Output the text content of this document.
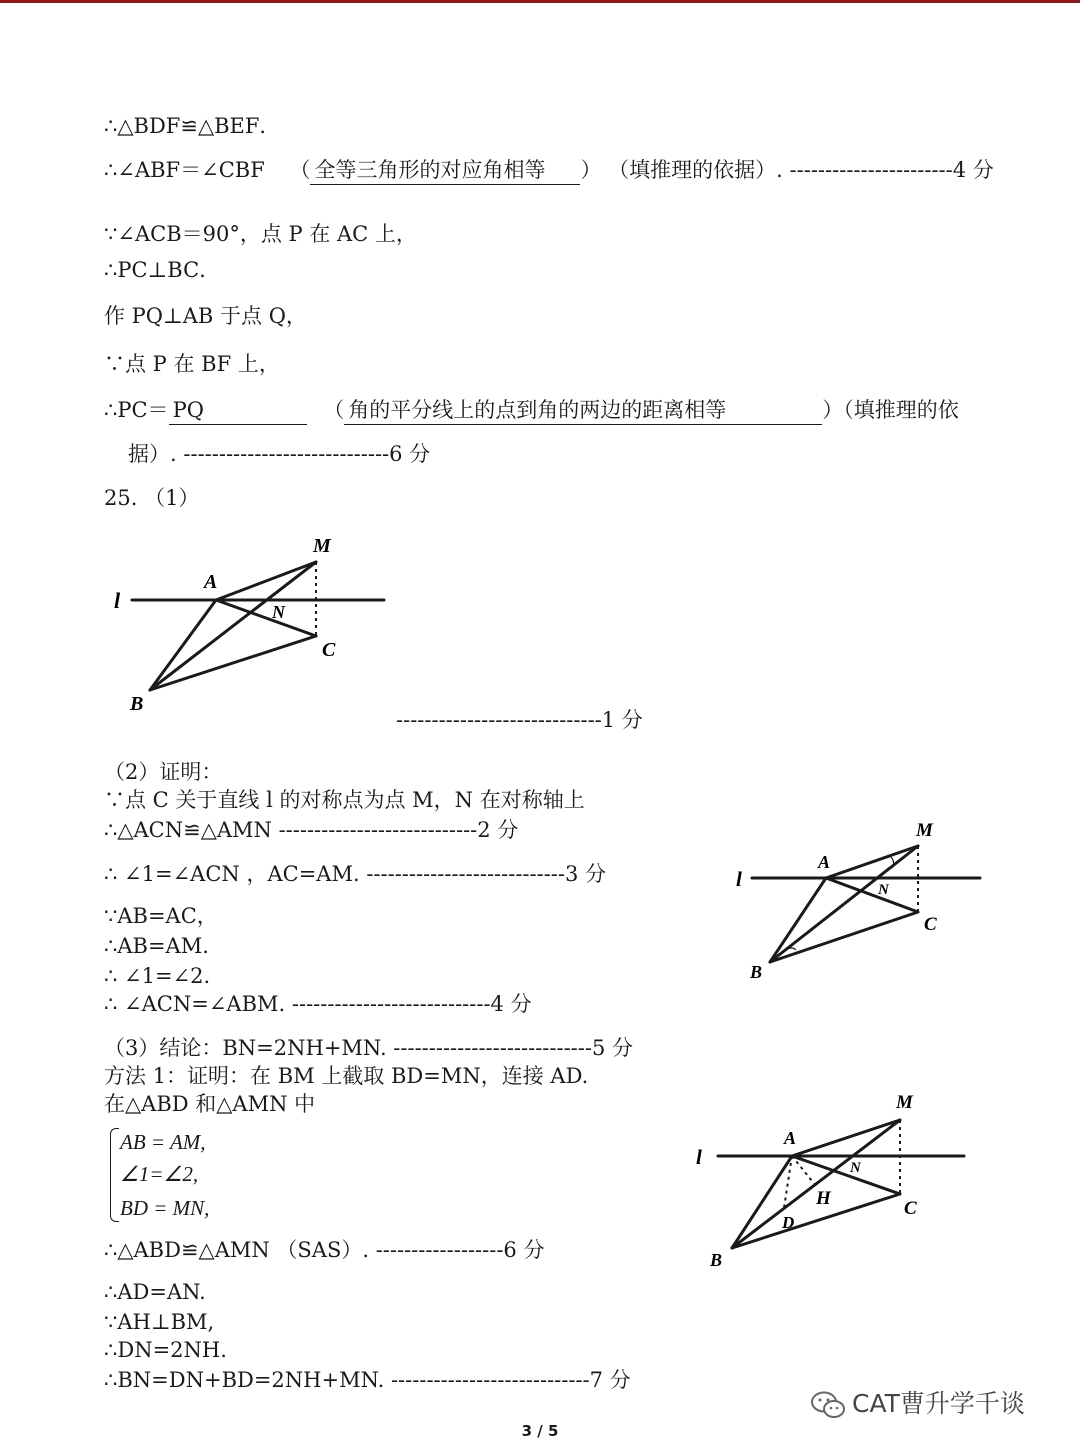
∴△BDF≌△BEF．
∴∠ABF＝∠CBF （ 全等三角形的对应角相等 ） （填推理的依据）. -----------------------4 分
∵∠ACB＝90°，点 P 在 AC 上，
∴PC⊥BC．
作 PQ⊥AB 于点 Q，
∵点 P 在 BF 上，
∴PC＝ PQ	（ 角的平分线上的点到角的两边的距离相等	）（填推理的依
据）. -----------------------------6 分
25. （1）
M
A
l	N
C
B
-----------------------------1 分
（2）证明：
∵点 C 关于直线 l 的对称点为点 M，N 在对称轴上
∴△ACN≌△AMN ----------------------------2 分
∴ ∠1=∠ACN ，AC=AM. ----------------------------3 分
∵AB=AC，
∴AB=AM.
∴ ∠1=∠2.
∴ ∠ACN=∠ABM. ----------------------------4 分
M
A
l	N
C
B
（3）结论：BN=2NH+MN. ----------------------------5 分
方法 1：证明：在 BM 上截取 BD=MN，连接 AD.
在△ABD 和△AMN 中
AB = AM,
∠1=∠2,
BD = MN,
∴△ABD≌△AMN （SAS）. ------------------6 分
∴AD=AN.
∵AH⊥BM,
∴DN=2NH.
∴BN=DN+BD=2NH+MN. ----------------------------7 分
M
A
l	N
H
D
C
B
CAT曹升学千谈
3 / 5
